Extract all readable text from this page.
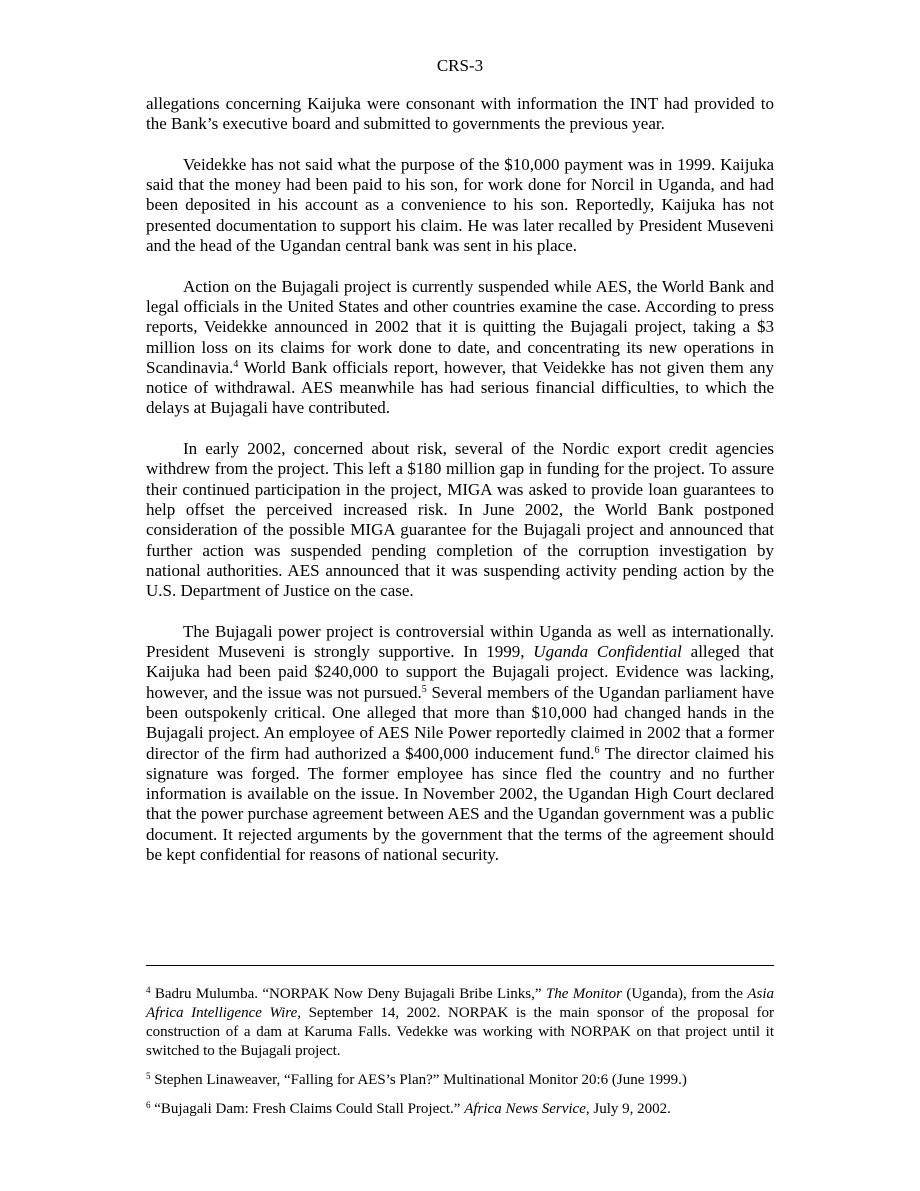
CRS-3

allegations concerning Kaijuka were consonant with information the INT had provided to the Bank’s executive board and submitted to governments the previous year.

Veidekke has not said what the purpose of the $10,000 payment was in 1999. Kaijuka said that the money had been paid to his son, for work done for Norcil in Uganda, and had been deposited in his account as a convenience to his son. Reportedly, Kaijuka has not presented documentation to support his claim. He was later recalled by President Museveni and the head of the Ugandan central bank was sent in his place.

Action on the Bujagali project is currently suspended while AES, the World Bank and legal officials in the United States and other countries examine the case. According to press reports, Veidekke announced in 2002 that it is quitting the Bujagali project, taking a $3 million loss on its claims for work done to date, and concentrating its new operations in Scandinavia.$^4$ World Bank officials report, however, that Veidekke has not given them any notice of withdrawal. AES meanwhile has had serious financial difficulties, to which the delays at Bujagali have contributed.

In early 2002, concerned about risk, several of the Nordic export credit agencies withdrew from the project. This left a $180 million gap in funding for the project. To assure their continued participation in the project, MIGA was asked to provide loan guarantees to help offset the perceived increased risk. In June 2002, the World Bank postponed consideration of the possible MIGA guarantee for the Bujagali project and announced that further action was suspended pending completion of the corruption investigation by national authorities. AES announced that it was suspending activity pending action by the U.S. Department of Justice on the case.

The Bujagali power project is controversial within Uganda as well as internationally. President Museveni is strongly supportive. In 1999, Uganda Confidential alleged that Kaijuka had been paid $240,000 to support the Bujagali project. Evidence was lacking, however, and the issue was not pursued.$^5$ Several members of the Ugandan parliament have been outspokenly critical. One alleged that more than $10,000 had changed hands in the Bujagali project. An employee of AES Nile Power reportedly claimed in 2002 that a former director of the firm had authorized a $400,000 inducement fund.$^6$ The director claimed his signature was forged. The former employee has since fled the country and no further information is available on the issue. In November 2002, the Ugandan High Court declared that the power purchase agreement between AES and the Ugandan government was a public document. It rejected arguments by the government that the terms of the agreement should be kept confidential for reasons of national security.

$^4$ Badru Mulumba. “NORPAK Now Deny Bujagali Bribe Links,” The Monitor (Uganda), from the Asia Africa Intelligence Wire, September 14, 2002. NORPAK is the main sponsor of the proposal for construction of a dam at Karuma Falls. Vedekke was working with NORPAK on that project until it switched to the Bujagali project.

$^5$ Stephen Linaweaver, “Falling for AES’s Plan?” Multinational Monitor 20:6 (June 1999.)

$^6$ “Bujagali Dam: Fresh Claims Could Stall Project.” Africa News Service, July 9, 2002.
